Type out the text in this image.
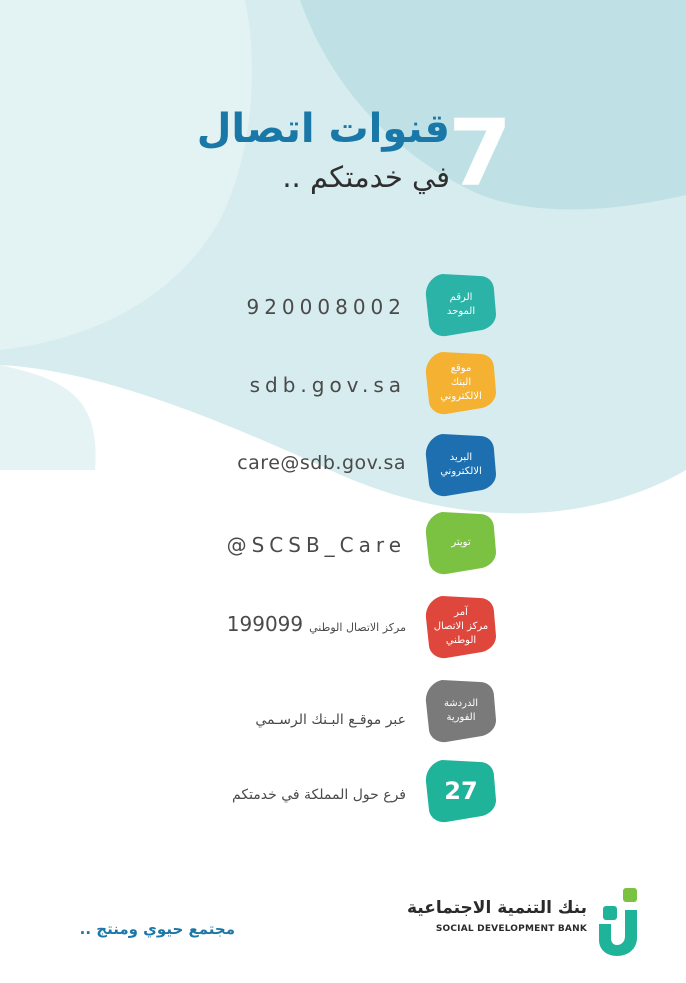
7
قنوات اتصال
في خدمتكم ..
الرقم
الموحد
920008002
موقع
البنك
الالكتروني
sdb.gov.sa
البريد
الالكتروني
care@sdb.gov.sa
تويتر
@SCSB_Care
آمر
مركز الاتصال
الوطني
199099 مركز الاتصال الوطني
الدردشة
الفورية
عبر موقـع البـنك الرسـمي
27
فرع حول المملكة في خدمتكم
مجتمع حيوي ومنتج ..
بنك التنمية الاجتماعية
SOCIAL DEVELOPMENT BANK
